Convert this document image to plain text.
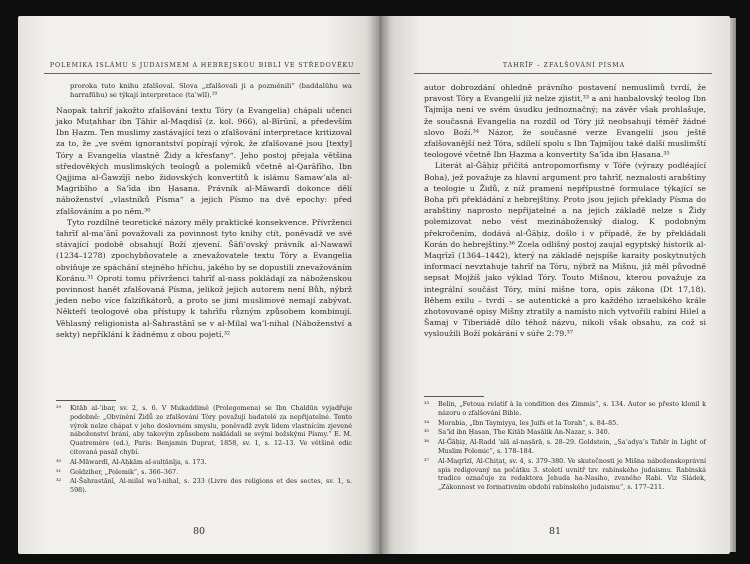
POLEMIKA ISLÁMU S JUDAISMEM A HEBREJSKOU BIBLÍ VE STŘEDOVĚKU

proroka tuto knihu zfalšoval. Slova „zfalšovali ji a pozměnili“ (baddalūhu wa harrafūhu) se týkají interpretace (ta’wīl).²⁹

Naopak tahrīf jakožto zfalšování textu Tóry (a Evangelia) chápali učenci jako Muṭahhar ibn Ṭāhir al-Maqdisī (z. kol. 966), al-Bīrūnī, a především Ibn Ḥazm. Ten muslimy zastávající tezi o zfalšování interpretace kritizoval za to, že „ve svém ignorantství popírají výrok, že zfalšované jsou [texty] Tóry a Evangelia vlastně Židy a křesťany“. Jeho postoj přejala většina středověkých muslimských teologů a polemiků včetně al-Qarāfīho, Ibn Qajjima al-Ǧawzījī nebo židovských konvertitů k islámu Samaw’ala al-Maġribīho a Sa’īda ibn Ḥasana. Právník al-Māwardī dokonce dělí náboženství „vlastníků Písma“ a jejich Písmo na dvě epochy: před zfalšováním a po něm.³⁰

Tyto rozdílné teoretické názory měly praktické konsekvence. Přívrženci tahrīf al-ma’ānī považovali za povinnost tyto knihy ctít, poněvadž ve své stávající podobě obsahují Boží zjevení. Šāfi’ovský právník al-Nawawī (1234–1278) zpochybňovatele a znevažovatele textu Tóry a Evangelia obviňuje ze spáchání stejného hříchu, jakého by se dopustili znevažováním Koránu.³¹ Oproti tomu přívrženci tahrīf al-nass pokládají za náboženskou povinnost hanět zfalšovaná Písma, jelikož jejich autorem není Bůh, nýbrž jeden nebo více falzifikátorů, a proto se jimi muslimové nemají zabývat. Někteří teologové oba přístupy k tahrīfu různým způsobem kombinují. Věhlasný religionista al-Šahrastānī se v al-Milal wa’l-nihal (Náboženství a sekty) nepříklání k žádnému z obou pojetí,³²

²⁹	Kitāb al-‘ibar, sv. 2, s. 6. V Mukaddimě (Prolegomena) se Ibn Chaldūn vyjadřuje podobně: „Obvinění Židů ze zfalšování Tóry považují badatelé za nepřijatelné. Tento výrok nelze chápat v jeho doslovném smyslu, poněvadž zvyk lidem vlastnícím zjevené náboženství brání, aby takovým způsobem nakládali se svými božskými Písmy.“ E. M. Quatremère (ed.), Paris: Benjamin Duprat, 1858, sv. 1, s. 12–13. Ve většině edic citovaná pasáž chybí.
³⁰	Al-Māwardī, Al-Aḥkām al-sulṭānīja, s. 173.
³¹	Goldziher, „Polemik“, s. 366–367.
³²	Al-Šahrastānī, Al-milal wa’l-nihal, s. 233 (Livre des religions et des sectes, sv. 1, s. 598).
80
TAHRĪF – ZFALŠOVÁNÍ PÍSMA

autor dobrozdání ohledně právního postavení nemuslimů tvrdí, že pravost Tóry a Evangelií již nelze zjistit,³³ a ani hanbalovský teolog Ibn Tajmīja není ve svém úsudku jednoznačný; na závěr však prohlašuje, že současná Evangelia na rozdíl od Tóry již neobsahují téměř žádné slovo Boží.³⁴ Názor, že současné verze Evangelií jsou ještě zfalšovanější než Tóra, sdílelí spolu s Ibn Tajmījou také další muslimští teologové včetně Ibn Ḥazma a konvertity Sa’īda ibn Ḥasana.³⁵

Literát al-Ǧāḥiẓ přičítá antropomorfismy v Tóře (výrazy podléající Boha), jež považuje za hlavní argument pro tahrīf, neznalosti arabštiny a teologie u Židů, z níž pramení nepřípustné formulace týkající se Boha při překládání z hebrejštiny. Proto jsou jejich překlady Písma do arabštiny naprosto nepřijatelné a na jejich základě nelze s Židy polemizovat nebo vést mezináboženský dialog. K podobným překročením, dodává al-Ǧāḥiẓ, došlo i v případě, že by překládali Korán do hebrejštiny.³⁶ Zcela odlišný postoj zaujal egyptský historik al-Maqrīzī (1364–1442), který na základě nejspíše karaity poskytnutých informací nevztahuje tahrīf na Tóru, nýbrž na Mišnu, již měl původně sepsat Mojžíš jako výklad Tóry. Touto Mišnou, kterou považuje za integrální součást Tóry, míní mišne tora, opis zákona (Dt 17,18). Během exilu – tvrdí – se autentické a pro každého izraelského krále zhotovované opisy Mišny ztratily a namísto nich vytvořili rabíni Hilel a Šamaj v Tiberiádě dílo téhož názvu, nikoli však obsahu, za což si vysloužili Boží pokárání v súře 2:79.³⁷

³³	Belin, „Fetoua relatif à la condition des Zimmis“, s. 134. Autor se přesto klonil k názoru o zfalšování Bible.
³⁴	Morabia, „Ibn Taymiyya, les Juifs et la Torah“, s. 84–85.
³⁵	Sa’īd ibn Ḥasan, The Kitāb Masālik An-Nazar, s. 340.
³⁶	Al-Ǧāḥiẓ, Al-Radd ‘alā al-naṣārā, s. 28–29. Goldstein, „Sa‘adya’s Tafsīr in Light of Muslim Polemic“, s. 178–184.
³⁷	Al-Maqrīzī, Al-Chiṭaṭ, sv. 4, s. 379–380. Ve skutečnosti je Mišna náboženskoprávní spis redigovaný na počátku 3. století uvnitř tzv. rabínského judaismu. Rabínská tradice označuje za redaktora Jehuda ha-Nasiho, zvaného Rabi. Viz Sládek, „Zákonnost ve formativním období rabínského judaismu“, s. 177–211.
81
